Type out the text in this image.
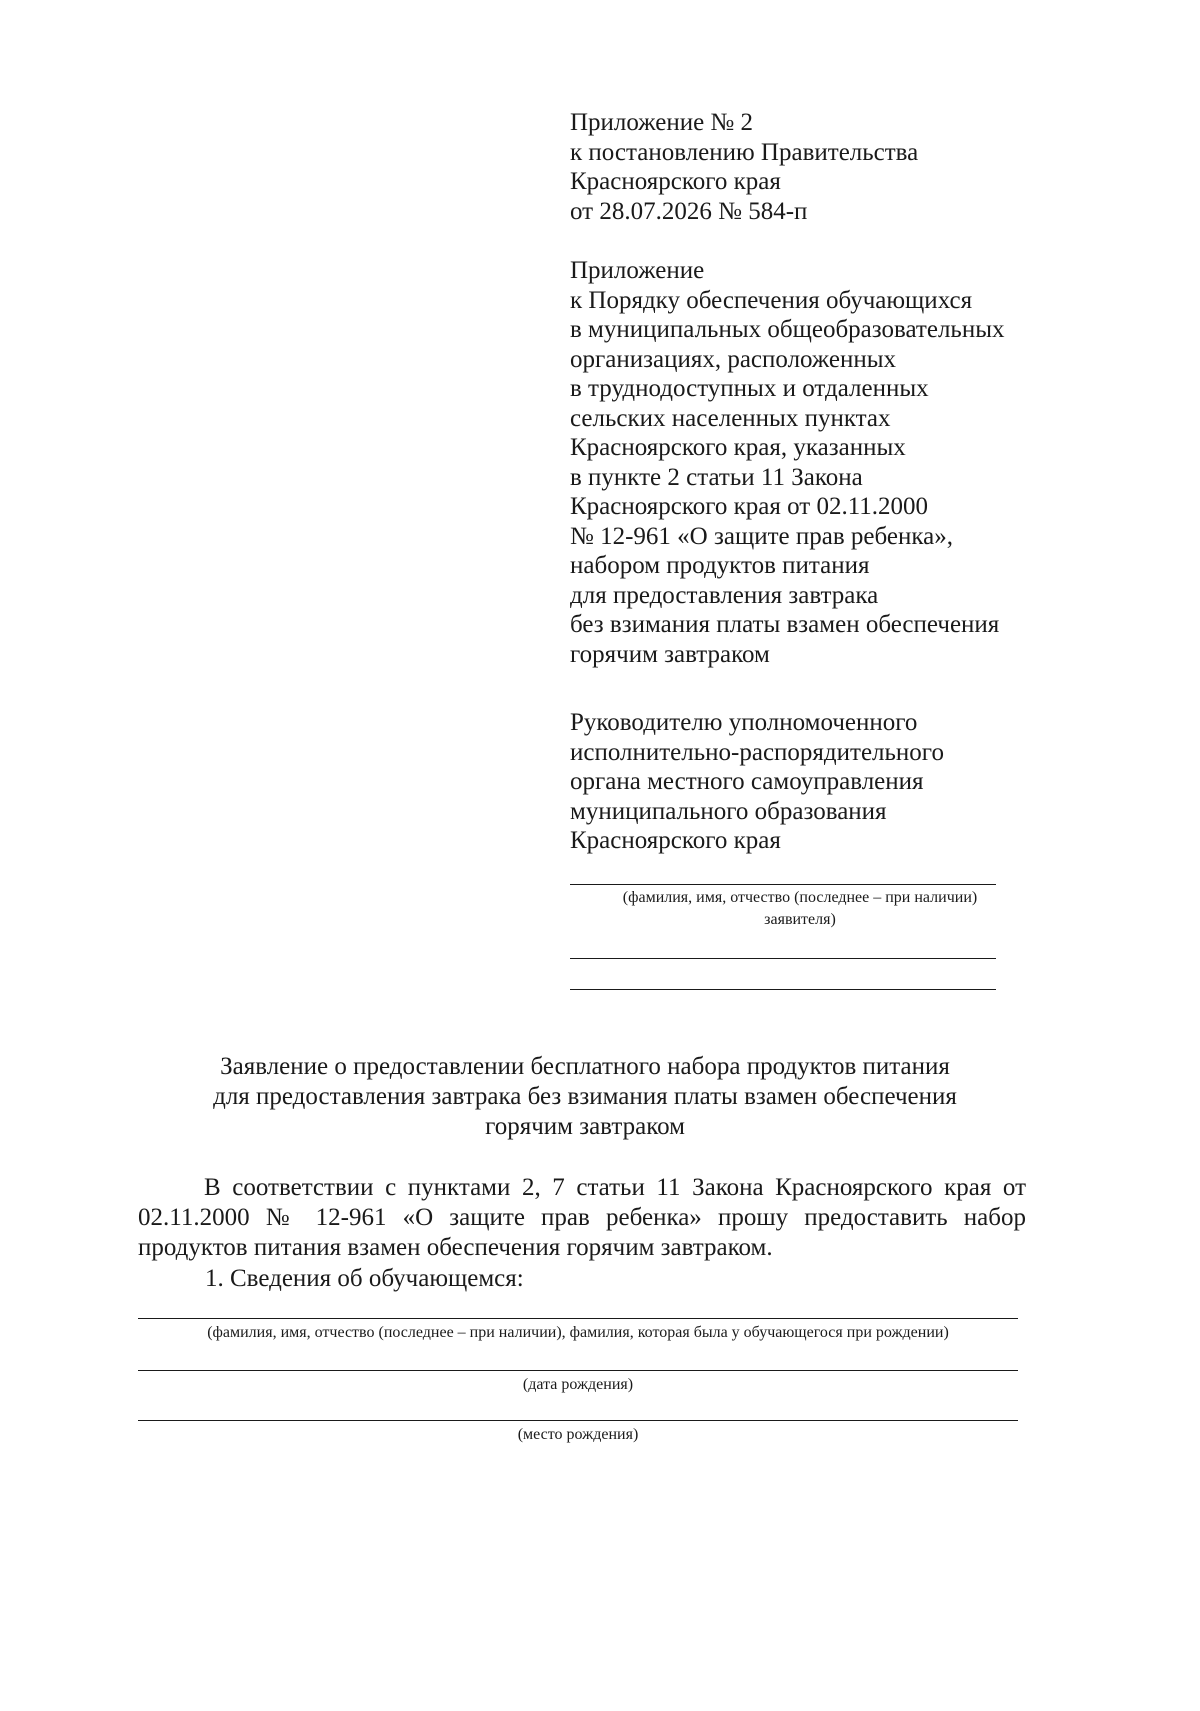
Приложение № 2
к постановлению Правительства
Красноярского края
от 28.07.2026 № 584-п
Приложение
к Порядку обеспечения обучающихся
в муниципальных общеобразовательных
организациях, расположенных
в труднодоступных и отдаленных
сельских населенных пунктах
Красноярского края, указанных
в пункте 2 статьи 11 Закона
Красноярского края от 02.11.2000
№ 12-961 «О защите прав ребенка»,
набором продуктов питания
для предоставления завтрака
без взимания платы взамен обеспечения
горячим завтраком
Руководителю уполномоченного
исполнительно-распорядительного
органа местного самоуправления
муниципального образования
Красноярского края
(фамилия, имя, отчество (последнее – при наличии)
заявителя)
Заявление о предоставлении бесплатного набора продуктов питания
для предоставления завтрака без взимания платы взамен обеспечения
горячим завтраком
В соответствии с пунктами 2, 7 статьи 11 Закона Красноярского края от 02.11.2000 № 12-961 «О защите прав ребенка» прошу предоставить набор продуктов питания взамен обеспечения горячим завтраком.
1. Сведения об обучающемся:
(фамилия, имя, отчество (последнее – при наличии), фамилия, которая была у обучающегося при рождении)
(дата рождения)
(место рождения)
